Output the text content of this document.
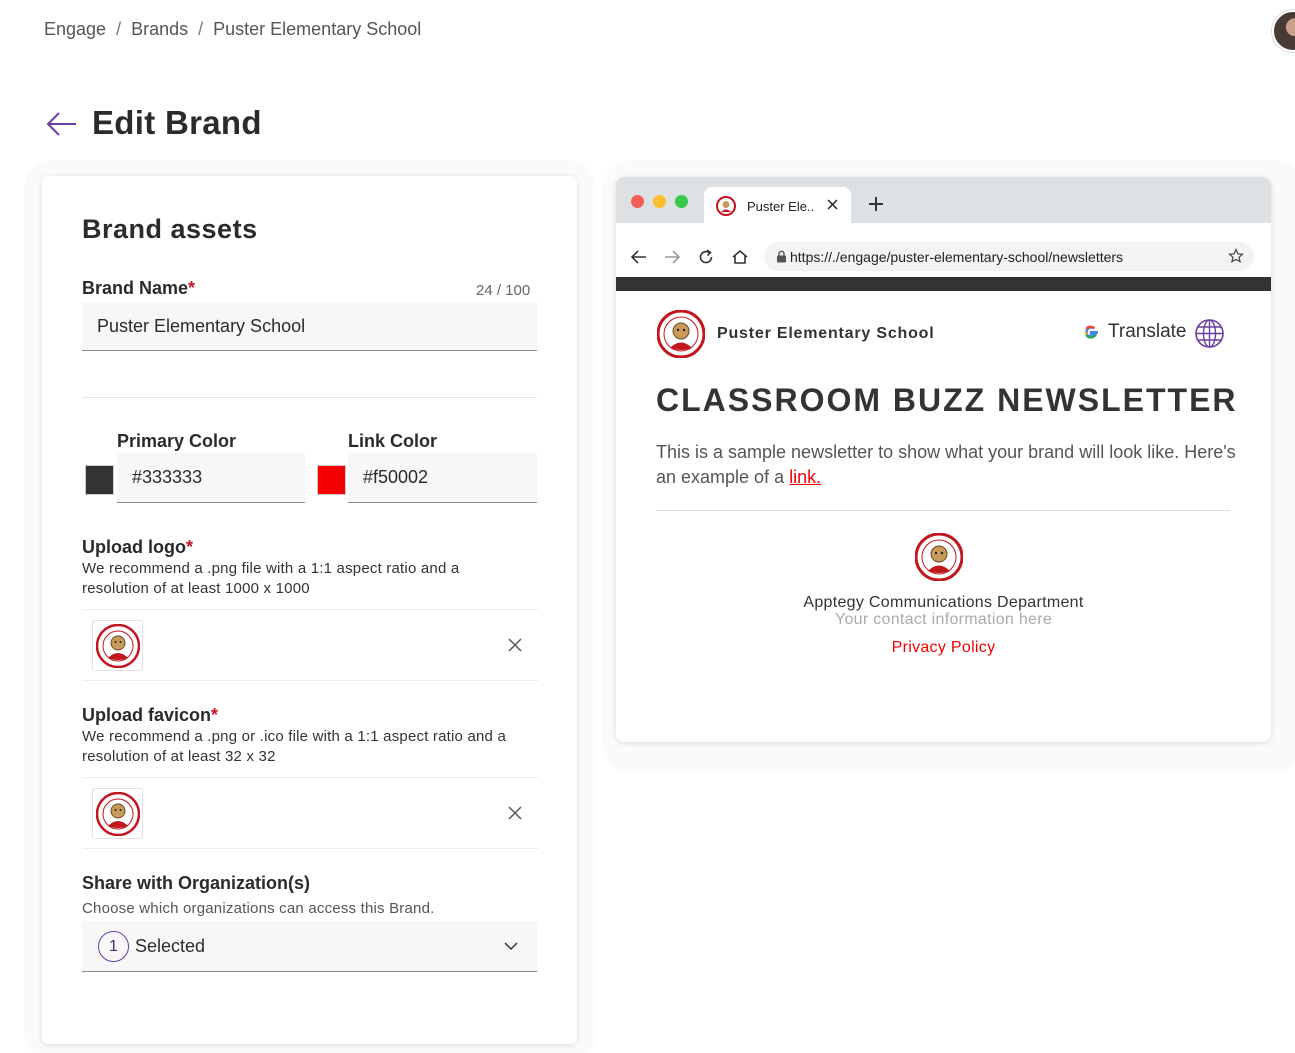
Engage / Brands / Puster Elementary School
Edit Brand
Brand assets
Brand Name*	24 / 100
Puster Elementary School
Primary Color
#333333
Link Color
#f50002
Upload logo*
We recommend a .png file with a 1:1 aspect ratio and a resolution of at least 1000 x 1000
Upload favicon*
We recommend a .png or .ico file with a 1:1 aspect ratio and a resolution of at least 32 x 32
Share with Organization(s)
Choose which organizations can access this Brand.
1 Selected
Puster Ele..
https://./engage/puster-elementary-school/newsletters
Puster Elementary School	Translate
CLASSROOM BUZZ NEWSLETTER
This is a sample newsletter to show what your brand will look like. Here's an example of a link.
Apptegy Communications Department
Your contact information here
Privacy Policy
